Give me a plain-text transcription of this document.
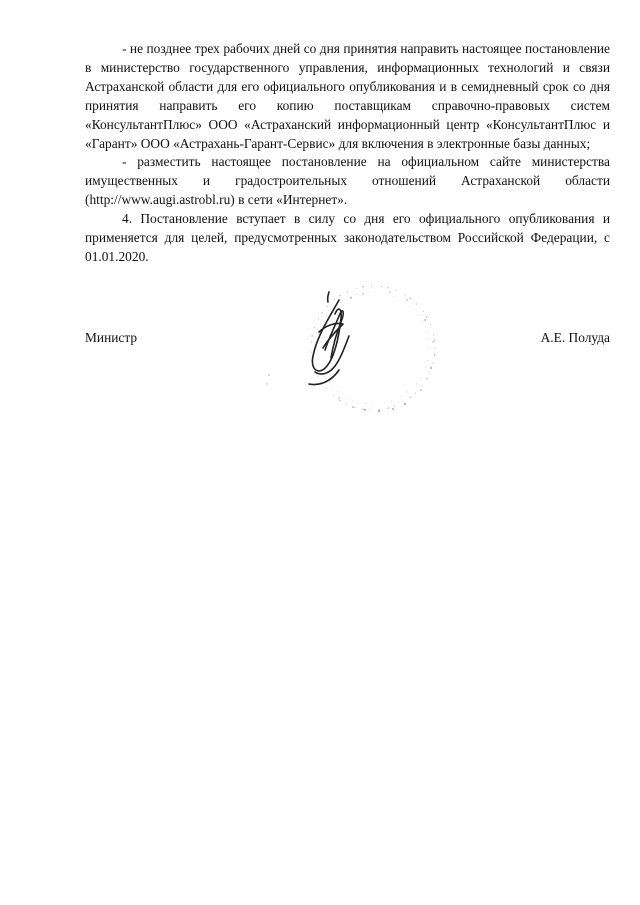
- не позднее трех рабочих дней со дня принятия направить настоящее постановление в министерство государственного управления, информационных технологий и связи Астраханской области для его официального опубликования и в семидневный срок со дня принятия направить его копию поставщикам справочно-правовых систем «КонсультантПлюс» ООО «Астраханский информационный центр «КонсультантПлюс и «Гарант» ООО «Астрахань-Гарант-Сервис» для включения в электронные базы данных;

- разместить настоящее постановление на официальном сайте министерства имущественных и градостроительных отношений Астраханской области (http://www.augi.astrobl.ru) в сети «Интернет».

4. Постановление вступает в силу со дня его официального опубликования и применяется для целей, предусмотренных законодательством Российской Федерации, с 01.01.2020.

Министр	А.Е. Полуда
